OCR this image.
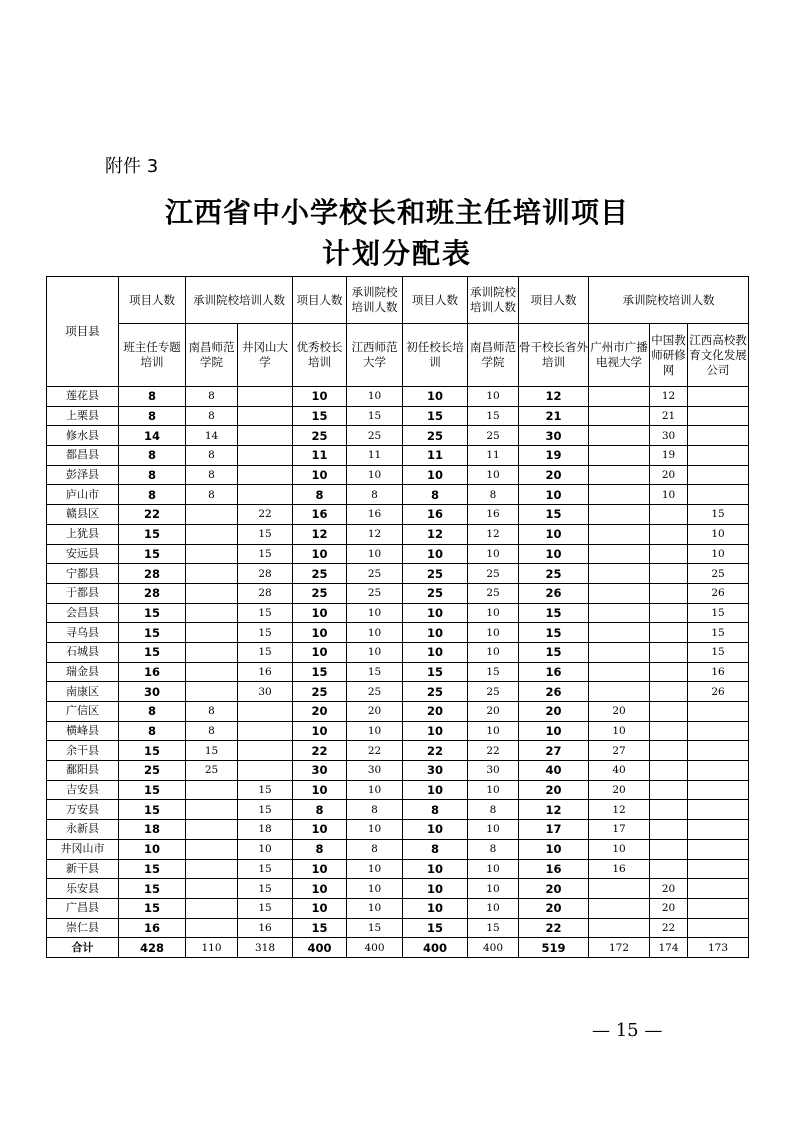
附件 3
江西省中小学校长和班主任培训项目
计划分配表
项目县	项目人数	承训院校培训人数		项目人数	承训院校培训人数	项目人数	承训院校培训人数	项目人数	承训院校培训人数		
	班主任专题培训	南昌师范学院	井冈山大学	优秀校长培训	江西师范大学	初任校长培训	南昌师范学院	骨干校长省外培训	广州市广播电视大学	中国教师研修网	江西高校教育文化发展公司
莲花县	8	8		10	10	10	10	12		12	
上栗县	8	8		15	15	15	15	21		21	
修水县	14	14		25	25	25	25	30		30	
都昌县	8	8		11	11	11	11	19		19	
彭泽县	8	8		10	10	10	10	20		20	
庐山市	8	8		8	8	8	8	10		10	
赣县区	22		22	16	16	16	16	15			15
上犹县	15		15	12	12	12	12	10			10
安远县	15		15	10	10	10	10	10			10
宁都县	28		28	25	25	25	25	25			25
于都县	28		28	25	25	25	25	26			26
会昌县	15		15	10	10	10	10	15			15
寻乌县	15		15	10	10	10	10	15			15
石城县	15		15	10	10	10	10	15			15
瑞金县	16		16	15	15	15	15	16			16
南康区	30		30	25	25	25	25	26			26
广信区	8	8		20	20	20	20	20	20		
横峰县	8	8		10	10	10	10	10	10		
余干县	15	15		22	22	22	22	27	27		
鄱阳县	25	25		30	30	30	30	40	40		
吉安县	15		15	10	10	10	10	20	20		
万安县	15		15	8	8	8	8	12	12		
永新县	18		18	10	10	10	10	17	17		
井冈山市	10		10	8	8	8	8	10	10		
新干县	15		15	10	10	10	10	16	16		
乐安县	15		15	10	10	10	10	20		20	
广昌县	15		15	10	10	10	10	20		20	
崇仁县	16		16	15	15	15	15	22		22	
合计	428	110	318	400	400	400	400	519	172	174	173
— 15 —
